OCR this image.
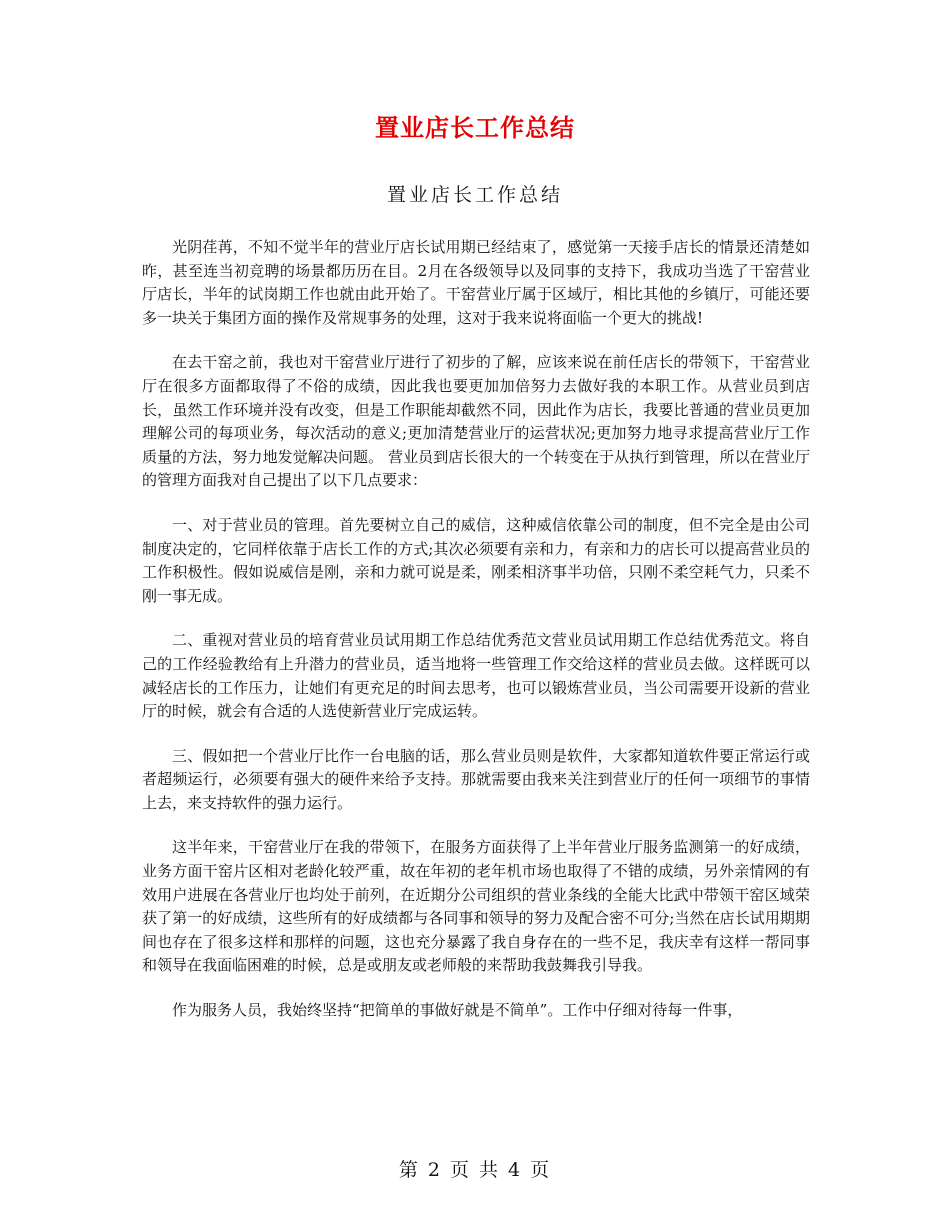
置业店长工作总结
置业店长工作总结

光阴荏苒，不知不觉半年的营业厅店长试用期已经结束了，感觉第一天接手店长的情景还清楚如昨，甚至连当初竞聘的场景都历历在目。2月在各级领导以及同事的支持下，我成功当选了干窑营业厅店长，半年的试岗期工作也就由此开始了。干窑营业厅属于区域厅，相比其他的乡镇厅，可能还要多一块关于集团方面的操作及常规事务的处理，这对于我来说将面临一个更大的挑战!

在去干窑之前，我也对干窑营业厅进行了初步的了解，应该来说在前任店长的带领下，干窑营业厅在很多方面都取得了不俗的成绩，因此我也要更加加倍努力去做好我的本职工作。从营业员到店长，虽然工作环境并没有改变，但是工作职能却截然不同，因此作为店长，我要比普通的营业员更加理解公司的每项业务，每次活动的意义;更加清楚营业厅的运营状况;更加努力地寻求提高营业厅工作质量的方法，努力地发觉解决问题。 营业员到店长很大的一个转变在于从执行到管理，所以在营业厅的管理方面我对自己提出了以下几点要求：

一、对于营业员的管理。首先要树立自己的威信，这种威信依靠公司的制度，但不完全是由公司制度决定的，它同样依靠于店长工作的方式;其次必须要有亲和力，有亲和力的店长可以提高营业员的工作积极性。假如说威信是刚，亲和力就可说是柔，刚柔相济事半功倍，只刚不柔空耗气力，只柔不刚一事无成。

二、重视对营业员的培育营业员试用期工作总结优秀范文营业员试用期工作总结优秀范文。将自己的工作经验教给有上升潜力的营业员，适当地将一些管理工作交给这样的营业员去做。这样既可以减轻店长的工作压力，让她们有更充足的时间去思考，也可以锻炼营业员，当公司需要开设新的营业厅的时候，就会有合适的人选使新营业厅完成运转。

三、假如把一个营业厅比作一台电脑的话，那么营业员则是软件，大家都知道软件要正常运行或者超频运行，必须要有强大的硬件来给予支持。那就需要由我来关注到营业厅的任何一项细节的事情上去，来支持软件的强力运行。

这半年来，干窑营业厅在我的带领下，在服务方面获得了上半年营业厅服务监测第一的好成绩，业务方面干窑片区相对老龄化较严重，故在年初的老年机市场也取得了不错的成绩，另外亲情网的有效用户进展在各营业厅也均处于前列，在近期分公司组织的营业条线的全能大比武中带领干窑区域荣获了第一的好成绩，这些所有的好成绩都与各同事和领导的努力及配合密不可分;当然在店长试用期期间也存在了很多这样和那样的问题，这也充分暴露了我自身存在的一些不足，我庆幸有这样一帮同事和领导在我面临困难的时候，总是或朋友或老师般的来帮助我鼓舞我引导我。

作为服务人员，我始终坚持“把简单的事做好就是不简单”。工作中仔细对待每一件事，

第 2 页 共 4 页
